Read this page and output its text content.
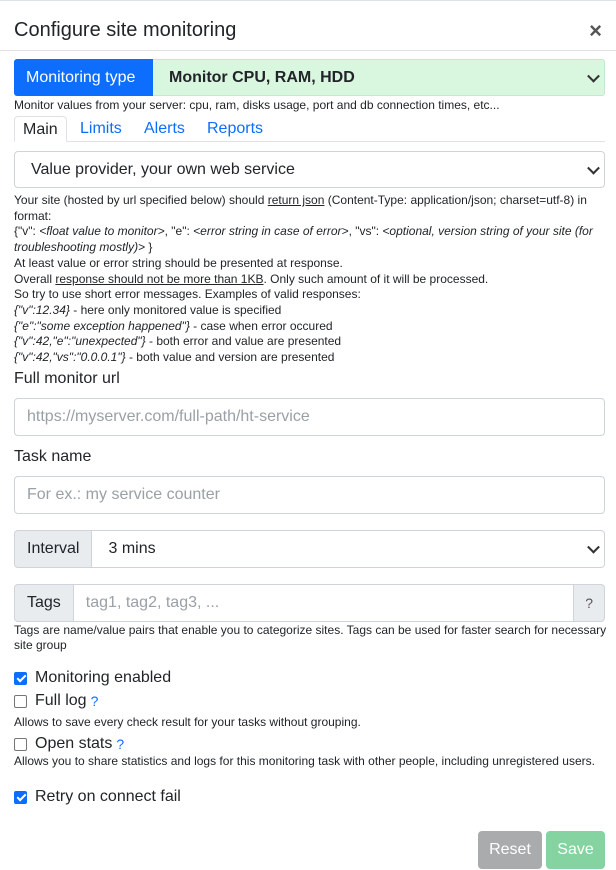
Configure site monitoring	×
Monitoring type	Monitor CPU, RAM, HDD
Monitor values from your server: cpu, ram, disks usage, port and db connection times, etc...
Main	Limits Alerts Reports
Value provider, your own web service

Your site (hosted by url specified below) should return json (Content-Type: application/json; charset=utf-8) in format:

{"v": <float value to monitor>, "e": <error string in case of error>, "vs": <optional, version string of your site (for troubleshooting mostly)> }

At least value or error string should be presented at response.

Overall response should not be more than 1KB. Only such amount of it will be processed.

So try to use short error messages. Examples of valid responses:

{"v":12.34} - here only monitored value is specified

{"e":"some exception happened"} - case when error occured

{"v":42,"e":"unexpected"} - both error and value are presented

{"v":42,"vs":"0.0.0.1"} - both value and version are presented

Full monitor url
https://myserver.com/full-path/ht-service
Task name
For ex.: my service counter
Interval	3 mins
Tags	tag1, tag2, tag3, ...	?
Tags are name/value pairs that enable you to categorize sites. Tags can be used for faster search for necessary site group
Monitoring enabled
Full log ?
Allows to save every check result for your tasks without grouping.
Open stats ?
Allows you to share statistics and logs for this monitoring task with other people, including unregistered users.
Retry on connect fail
Reset	Save
